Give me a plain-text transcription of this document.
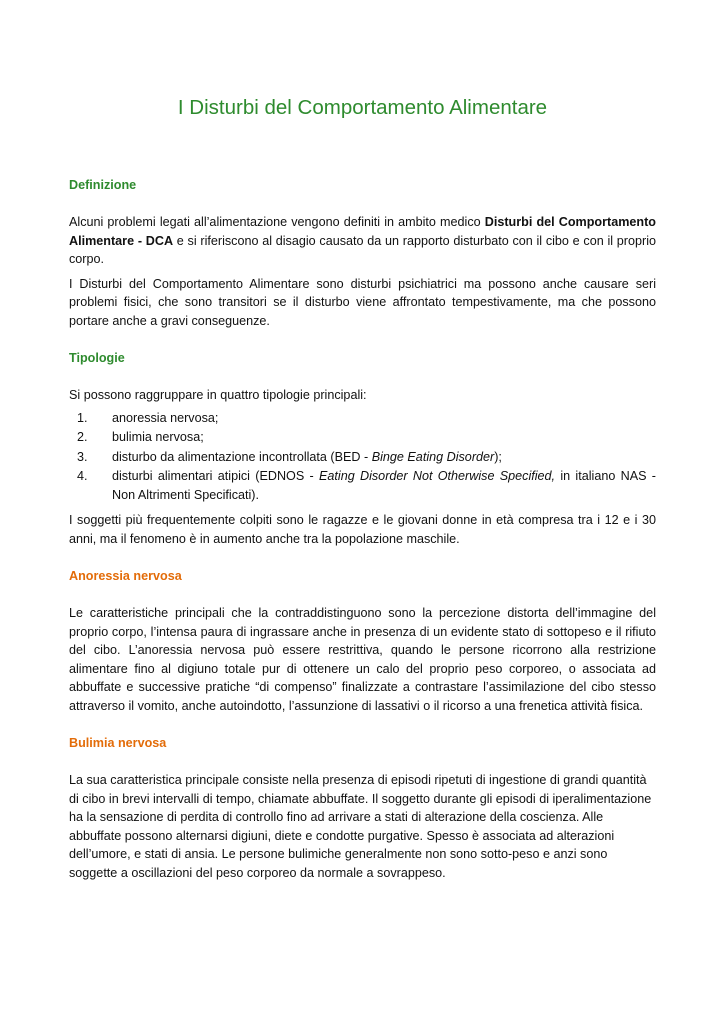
I Disturbi del Comportamento Alimentare
Definizione

Alcuni problemi legati all’alimentazione vengono definiti in ambito medico Disturbi del Comportamento Alimentare - DCA e si riferiscono al disagio causato da un rapporto disturbato con il cibo e con il proprio corpo.

I Disturbi del Comportamento Alimentare sono disturbi psichiatrici ma possono anche causare seri problemi fisici, che sono transitori se il disturbo viene affrontato tempestivamente, ma che possono portare anche a gravi conseguenze.

Tipologie

Si possono raggruppare in quattro tipologie principali:

1. anoressia nervosa;
2. bulimia nervosa;
3. disturbo da alimentazione incontrollata (BED - Binge Eating Disorder);
4. disturbi alimentari atipici (EDNOS - Eating Disorder Not Otherwise Specified, in italiano NAS - Non Altrimenti Specificati).

I soggetti più frequentemente colpiti sono le ragazze e le giovani donne in età compresa tra i 12 e i 30 anni, ma il fenomeno è in aumento anche tra la popolazione maschile.

Anoressia nervosa

Le caratteristiche principali che la contraddistinguono sono la percezione distorta dell’immagine del proprio corpo, l’intensa paura di ingrassare anche in presenza di un evidente stato di sottopeso e il rifiuto del cibo. L’anoressia nervosa può essere restrittiva, quando le persone ricorrono alla restrizione alimentare fino al digiuno totale pur di ottenere un calo del proprio peso corporeo, o associata ad abbuffate e successive pratiche “di compenso” finalizzate a contrastare l’assimilazione del cibo stesso attraverso il vomito, anche autoindotto, l’assunzione di lassativi o il ricorso a una frenetica attività fisica.

Bulimia nervosa

La sua caratteristica principale consiste nella presenza di episodi ripetuti di ingestione di grandi quantità di cibo in brevi intervalli di tempo, chiamate abbuffate. Il soggetto durante gli episodi di iperalimentazione ha la sensazione di perdita di controllo fino ad arrivare a stati di alterazione della coscienza. Alle abbuffate possono alternarsi digiuni, diete e condotte purgative. Spesso è associata ad alterazioni dell’umore, e stati di ansia. Le persone bulimiche generalmente non sono sotto-peso e anzi sono soggette a oscillazioni del peso corporeo da normale a sovrappeso.
